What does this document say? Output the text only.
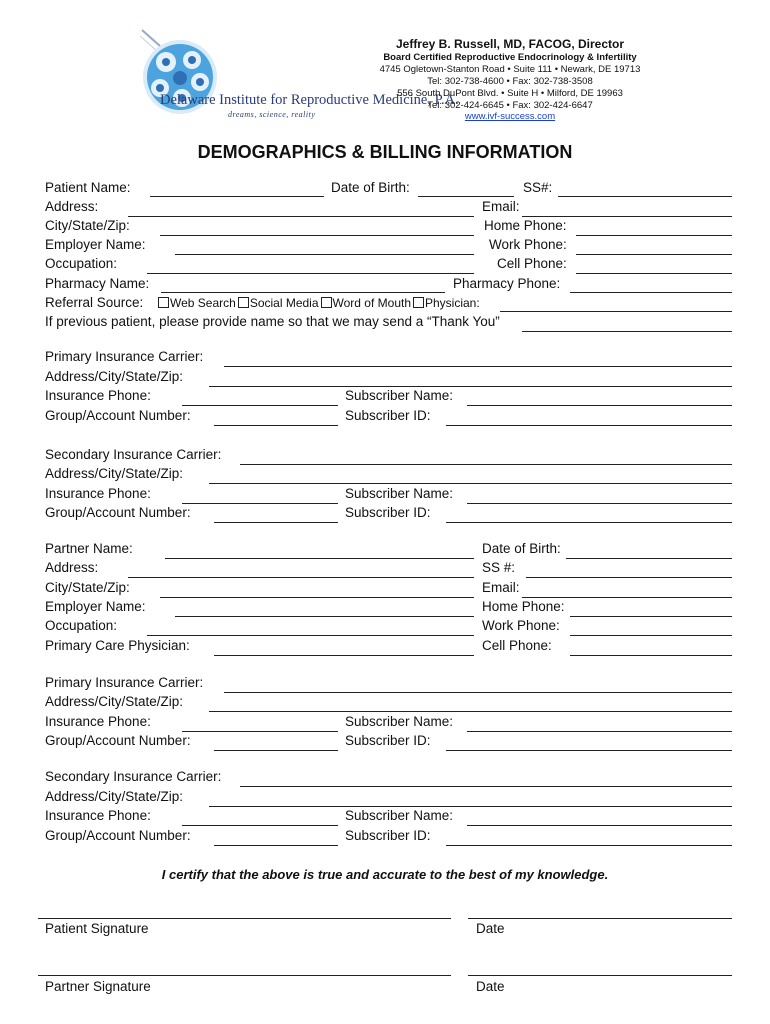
Delaware Institute for Reproductive Medicine, P.A.
dreams, science, reality
Jeffrey B. Russell, MD, FACOG, Director
Board Certified Reproductive Endocrinology & Infertility
4745 Ogletown-Stanton Road • Suite 111 • Newark, DE 19713
Tel: 302-738-4600 • Fax: 302-738-3508
556 South DuPont Blvd. • Suite H • Milford, DE 19963
Tel: 302-424-6645 • Fax: 302-424-6647
www.ivf-success.com
DEMOGRAPHICS & BILLING INFORMATION
Patient Name:	Date of Birth:	SS#:
Address:	Email:
City/State/Zip:	Home Phone:
Employer Name:	Work Phone:
Occupation:	Cell Phone:
Pharmacy Name:	Pharmacy Phone:
Referral Source:	Web Search Social Media Word of Mouth Physician:
If previous patient, please provide name so that we may send a “Thank You”
Primary Insurance Carrier:
Address/City/State/Zip:
Insurance Phone:	Subscriber Name:
Group/Account Number:	Subscriber ID:
Secondary Insurance Carrier:
Address/City/State/Zip:
Insurance Phone:	Subscriber Name:
Group/Account Number:	Subscriber ID:
Partner Name:	Date of Birth:
Address:	SS #:
City/State/Zip:	Email:
Employer Name:	Home Phone:
Occupation:	Work Phone:
Primary Care Physician:	Cell Phone:
Primary Insurance Carrier:
Address/City/State/Zip:
Insurance Phone:	Subscriber Name:
Group/Account Number:	Subscriber ID:
Secondary Insurance Carrier:
Address/City/State/Zip:
Insurance Phone:	Subscriber Name:
Group/Account Number:	Subscriber ID:
I certify that the above is true and accurate to the best of my knowledge.
Patient Signature	Date
Partner Signature	Date
